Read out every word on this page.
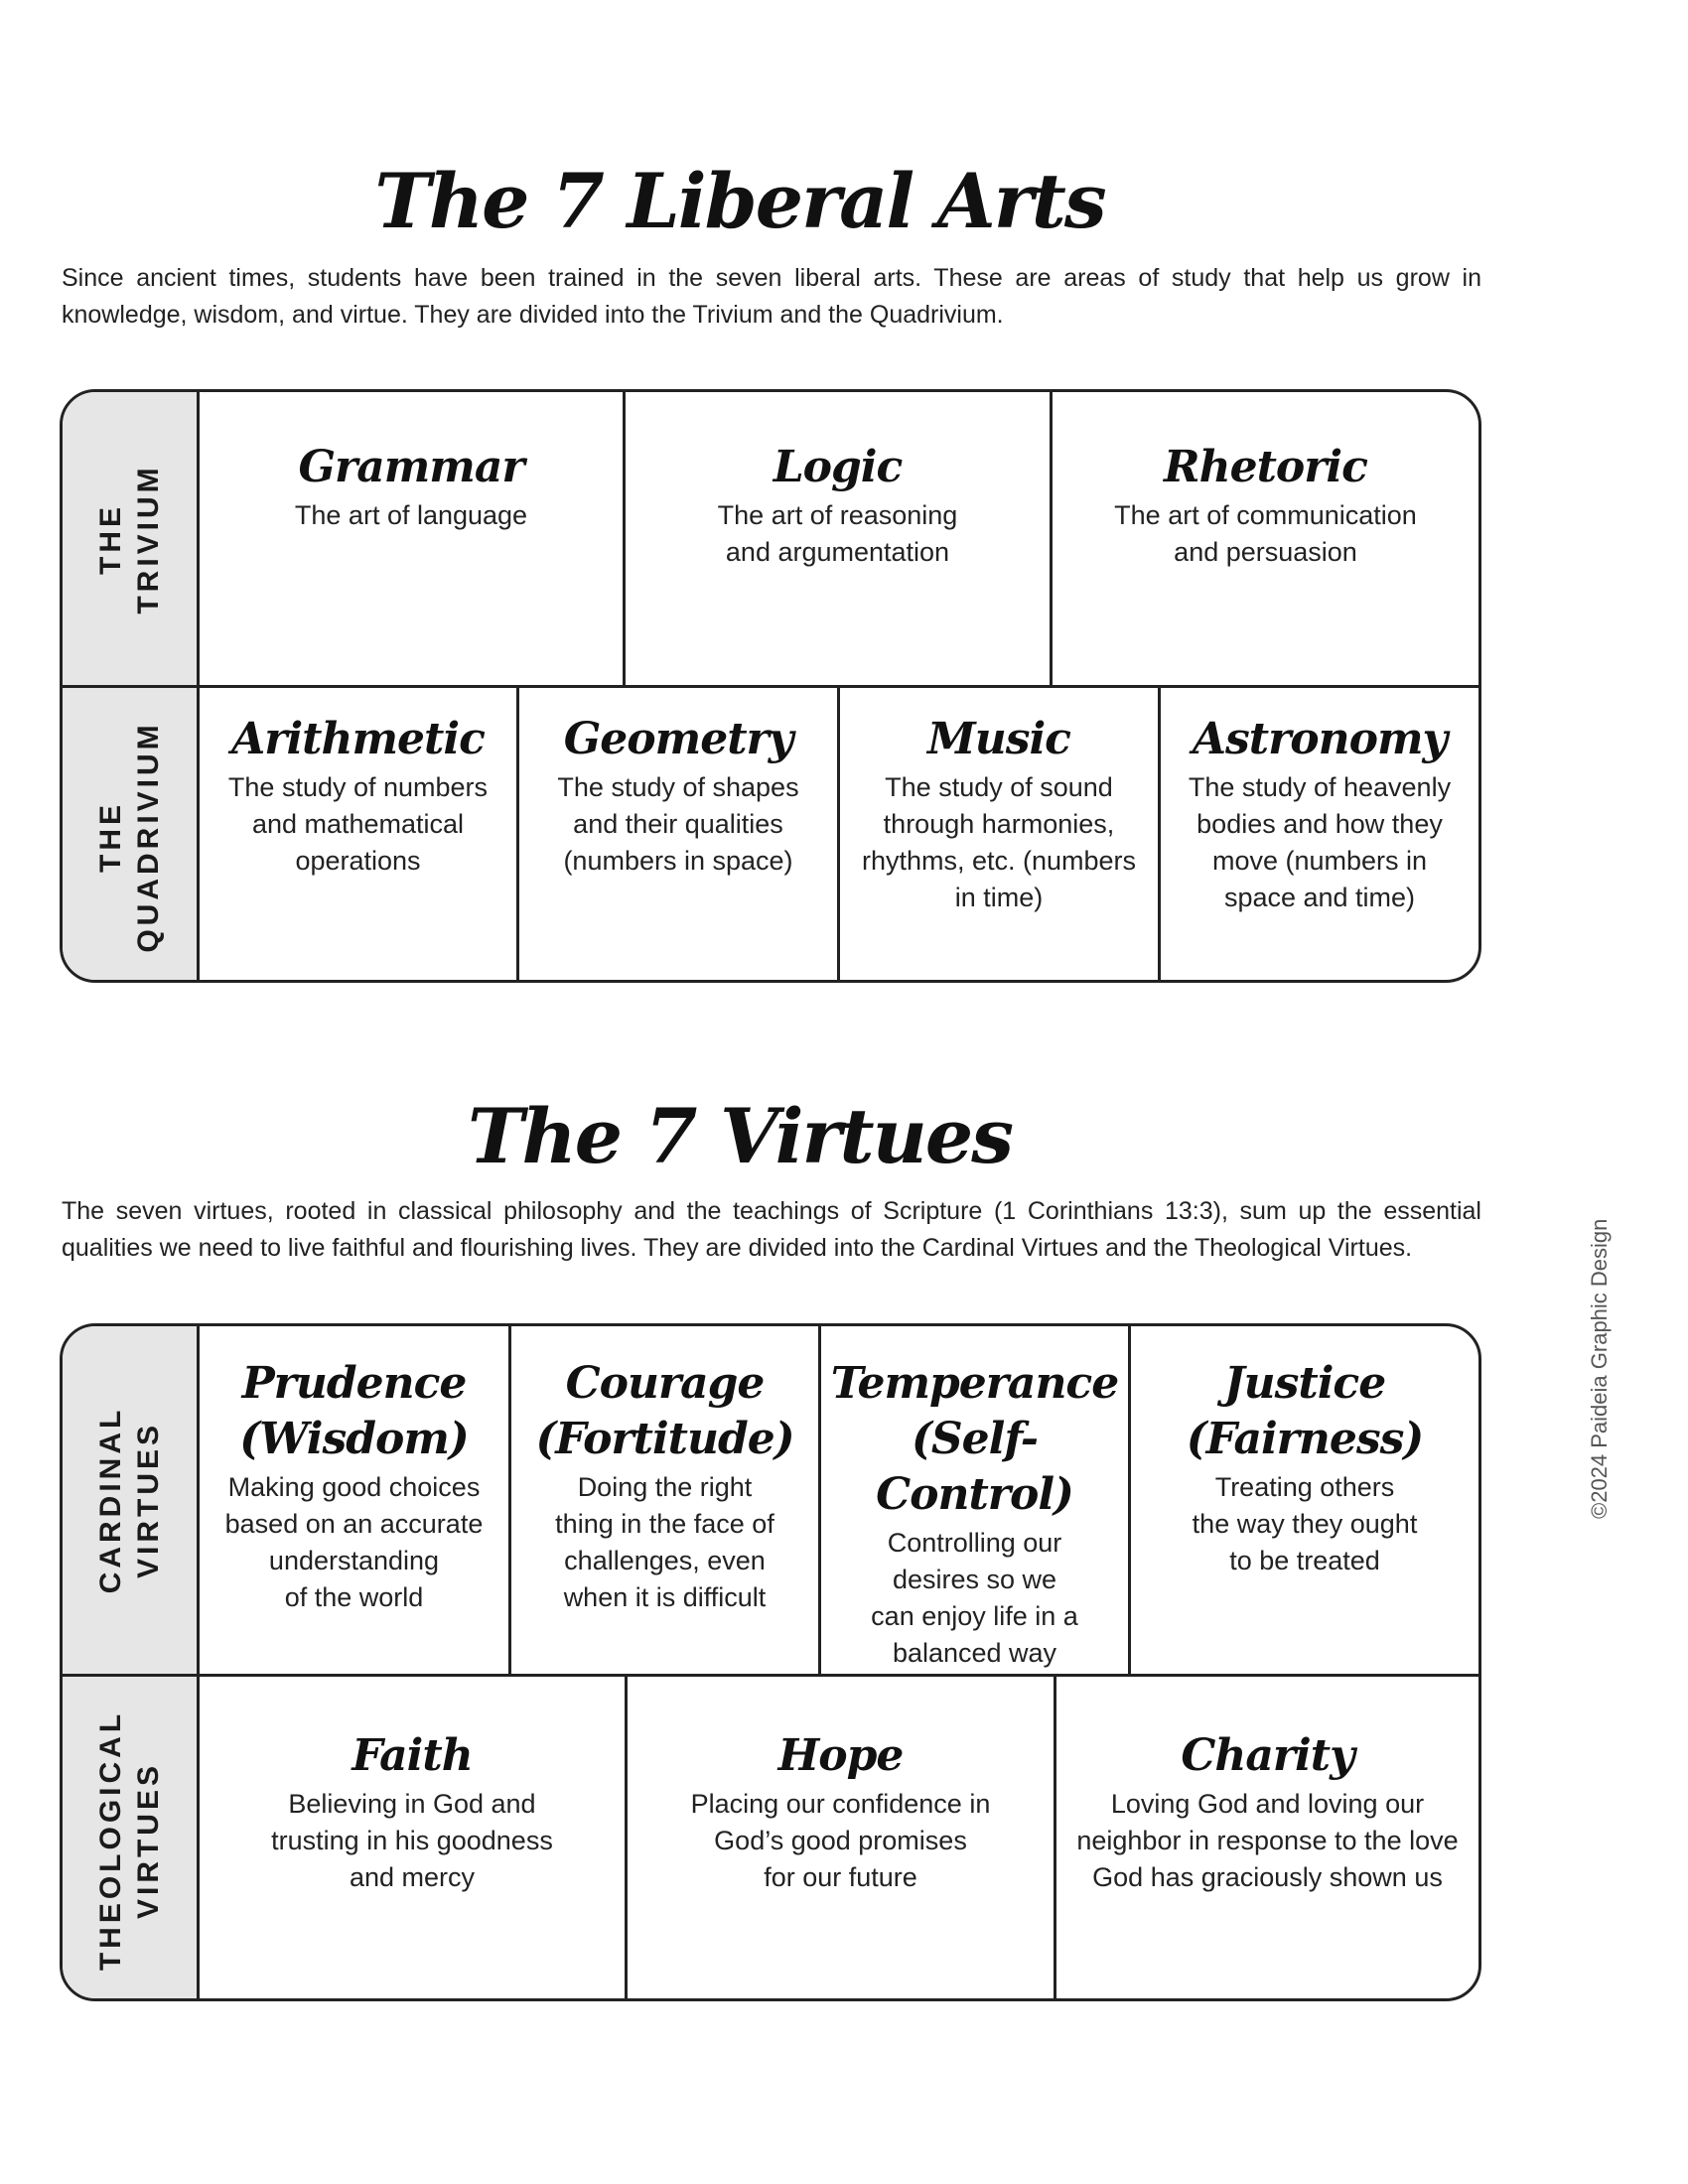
The 7 Liberal Arts

Since ancient times, students have been trained in the seven liberal arts. These are areas of study that help us grow in knowledge, wisdom, and virtue. They are divided into the Trivium and the Quadrivium.

THE TRIVIUM
THE QUADRIVIUM
Grammar
The art of language
Logic
The art of reasoning
and argumentation
Rhetoric
The art of communication
and persuasion
Arithmetic
The study of numbers
and mathematical
operations
Geometry
The study of shapes
and their qualities
(numbers in space)
Music
The study of sound
through harmonies,
rhythms, etc. (numbers
in time)
Astronomy
The study of heavenly
bodies and how they
move (numbers in
space and time)
The 7 Virtues

The seven virtues, rooted in classical philosophy and the teachings of Scripture (1 Corinthians 13:3), sum up the essential qualities we need to live faithful and flourishing lives. They are divided into the Cardinal Virtues and the Theological Virtues.

CARDINAL VIRTUES
THEOLOGICAL VIRTUES
Prudence
(Wisdom)
Making good choices
based on an accurate
understanding
of the world
Courage
(Fortitude)
Doing the right
thing in the face of
challenges, even
when it is difficult
Temperance
(Self-Control)
Controlling our
desires so we
can enjoy life in a
balanced way
Justice
(Fairness)
Treating others
the way they ought
to be treated
Faith
Believing in God and
trusting in his goodness
and mercy
Hope
Placing our confidence in
God’s good promises
for our future
Charity
Loving God and loving our
neighbor in response to the love
God has graciously shown us
©2024 Paideia Graphic Design
